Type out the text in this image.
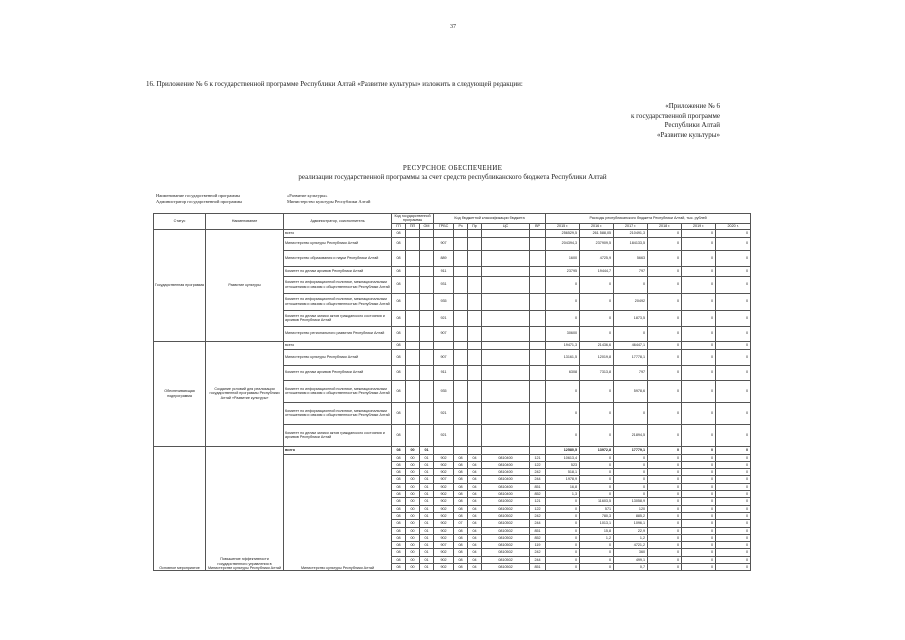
37
16. Приложение № 6 к государственной программе Республики Алтай «Развитие культуры» изложить в следующей редакции:
«Приложение № 6
к государственной программе
Республики Алтай
«Развитие культуры»
РЕСУРСНОЕ ОБЕСПЕЧЕНИЕ
реализации государственной программы за счет средств республиканского бюджета Республики Алтай
Наименование государственной программы
Администратор государственной программы
«Развитие культуры»
Министерство культуры Республики Алтай
Статус	Наименование	Администратор, соисполнитель	Код государственной программы			Код бюджетной классификации бюджета					Расходы республиканского бюджета Республики Алтай, тыс. рублей					
			ГП	ПП	ОМ	ГРБС	Рз	Пр	ЦС	ВР	2015 г.	2016 г.	2017 г.	2018 г.	2019 г.	2020 г.
Государственная программа	Развитие культуры	всего	08								256529,5	261 588,05	210491,3	0	0	0
		Министерство культуры Республики Алтай	08			907					204394,3	237909,5	184133,5	0	0	0
		Министерство образования и науки Республики Алтай	08			889					1600	4725,9	5663	0	0	0
		Комитет по делам архивов Республики Алтай	08			911					23795	19444,7	797	0	0	0
		Комитет по информационной политике, межнациональным отношениям и связям с общественностью Республики Алтай	08			931					0	0	0	0	0	0
		Комитет по информационной политике, межнациональным отношениям и связям с общественностью Республики Алтай	08			935					0	0	20492	0	0	0
		Комитет по делам записи актов гражданского состояния и архивов Республики Алтай	08			921					0	0	1873,5	0	0	0
		Министерство регионального развития Республики Алтай	08			907					30600	0	0	0	0	0
Обеспечивающая подпрограмма	Создание условий для реализации государственной программы Республики Алтай «Развитие культуры»	всего	08								19471,3	21436,6	46447,1	0	0	0
		Министерство культуры Республики Алтай	08			907					13161,5	12019,8	17778,1	0	0	0
		Комитет по делам архивов Республики Алтай	08			911					6308	7313,8	797	0	0	0
		Комитет по информационной политике, межнациональным отношениям и связям с общественностью Республики Алтай	08			935					0	0	5978,6	0	0	0
		Комитет по информационной политике, межнациональным отношениям и связям с общественностью Республики Алтай	08			921					0	0	0	0	0	0
		Комитет по делам записи актов гражданского состояния и архивов Республики Алтай	08			921					0	0	21894,5	0	0	0
Основное мероприятие	Повышение эффективности государственного управления в Министерстве культуры Республики Алтай	всего	08	00	01						12580,5	13972,8	17779,1	0	0	0
		Министерство культуры Республики Алтай	08	00	01	902	08	04	0810400	121	10613,4	0	0	0	0	0
			08	00	01	902	08	04	0810400	122	523	0	0	0	0	0
			08	00	01	902	08	04	0810400	242	518,1	0	0	0	0	0
			08	00	01	907	08	04	0810400	244	1978,9	0	0	0	0	0
			08	00	01	902	08	04	0810400	851	16,8	0	0	0	0	0
			08	00	01	902	08	04	0810400	852	1,3	0	0	0	0	0
			08	00	01	902	08	04	0810502	121	0	11603,5	13058,9	0	0	0
			08	00	01	902	08	04	0810502	122	0	571	120	0	0	0
			08	00	01	902	08	04	0810502	242	0	780,3	885,2	0	0	0
			08	00	01	902	07	04	0810502	244	0	1013,1	1096,1	0	0	0
			08	00	01	902	08	04	0810502	851	0	15,8	22,9	0	0	0
			08	00	01	902	08	04	0810502	852	0	1,2	1,2	0	0	0
			08	00	01	907	08	04	0810502	119	0	0	4721,2	0	0	0
			08	00	01	902	08	04	0810502	242	0	0	360	0	0	0
			08	00	01	902	08	04	0810502	244	0	0	499,1	0	0	0
			08	00	01	902	08	04	0810502	851	0	0	0,7	0	0	0
